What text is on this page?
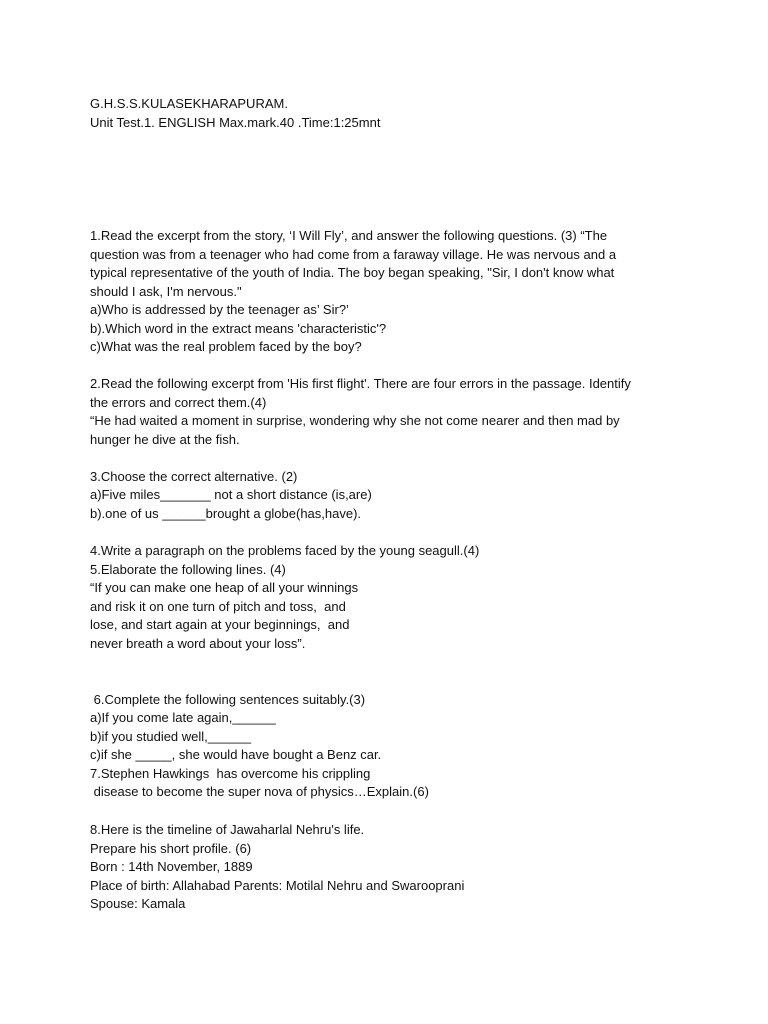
G.H.S.S.KULASEKHARAPURAM.
Unit Test.1. ENGLISH Max.mark.40 .Time:1:25mnt
1.Read the excerpt from the story, ‘I Will Fly’, and answer the following questions. (3) “The
question was from a teenager who had come from a faraway village. He was nervous and a
typical representative of the youth of India. The boy began speaking, "Sir, I don't know what
should I ask, I'm nervous."
a)Who is addressed by the teenager as’ Sir?’
b).Which word in the extract means 'characteristic'?
c)What was the real problem faced by the boy?
2.Read the following excerpt from 'His first flight'. There are four errors in the passage. Identify
the errors and correct them.(4)
“He had waited a moment in surprise, wondering why she not come nearer and then mad by
hunger he dive at the fish.
3.Choose the correct alternative. (2)
a)Five miles_______ not a short distance (is,are)
b).one of us ______brought a globe(has,have).
4.Write a paragraph on the problems faced by the young seagull.(4)
5.Elaborate the following lines. (4)
“If you can make one heap of all your winnings
and risk it on one turn of pitch and toss,  and
lose, and start again at your beginnings,  and
never breath a word about your loss”.
6.Complete the following sentences suitably.(3)
a)If you come late again,______
b)if you studied well,______
c)if she _____, she would have bought a Benz car.
7.Stephen Hawkings  has overcome his crippling
disease to become the super nova of physics…Explain.(6)
8.Here is the timeline of Jawaharlal Nehru's life.
Prepare his short profile. (6)
Born : 14th November, 1889
Place of birth: Allahabad Parents: Motilal Nehru and Swarooprani
Spouse: Kamala
